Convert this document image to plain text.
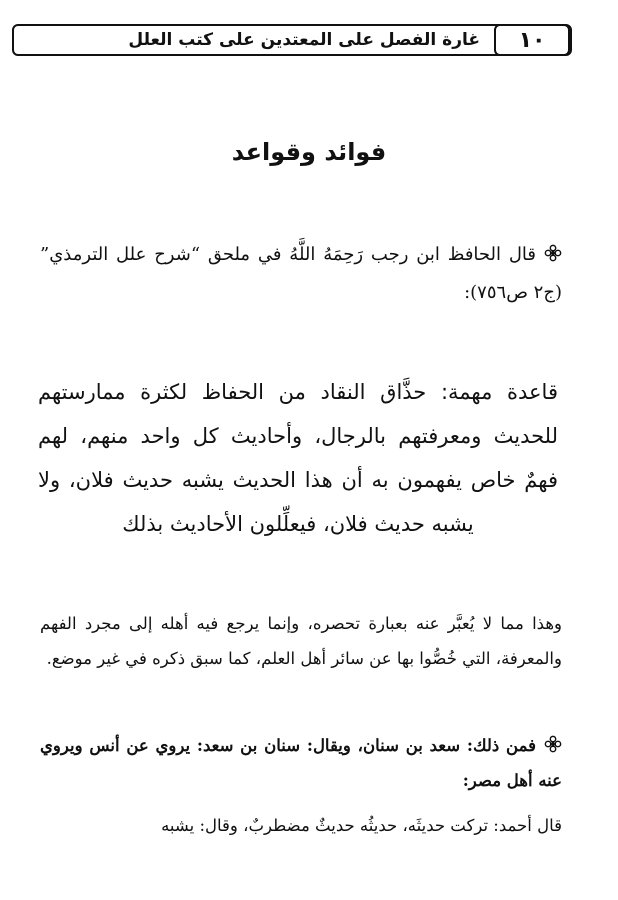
١٠
غارة الفصل على المعتدين على كتب العلل
فوائد وقواعد
قال الحافظ ابن رجب رَحِمَهُ اللَّهُ في ملحق “شرح علل الترمذي” (ج٢ ص٧٥٦):
قاعدة مهمة: حذَّاق النقاد من الحفاظ لكثرة ممارستهم للحديث ومعرفتهم بالرجال، وأحاديث كل واحد منهم، لهم فهمٌ خاص يفهمون به أن هذا الحديث يشبه حديث فلان، ولا يشبه حديث فلان، فيعلِّلون الأحاديث بذلك
وهذا مما لا يُعبَّر عنه بعبارة تحصره، وإنما يرجع فيه أهله إلى مجرد الفهم والمعرفة، التي خُصُّوا بها عن سائر أهل العلم، كما سبق ذكره في غير موضع.
فمن ذلك: سعد بن سنان، ويقال: سنان بن سعد: يروي عن أنس ويروي عنه أهل مصر:
قال أحمد: تركت حديثَه، حديثُه حديثٌ مضطربٌ، وقال: يشبه
